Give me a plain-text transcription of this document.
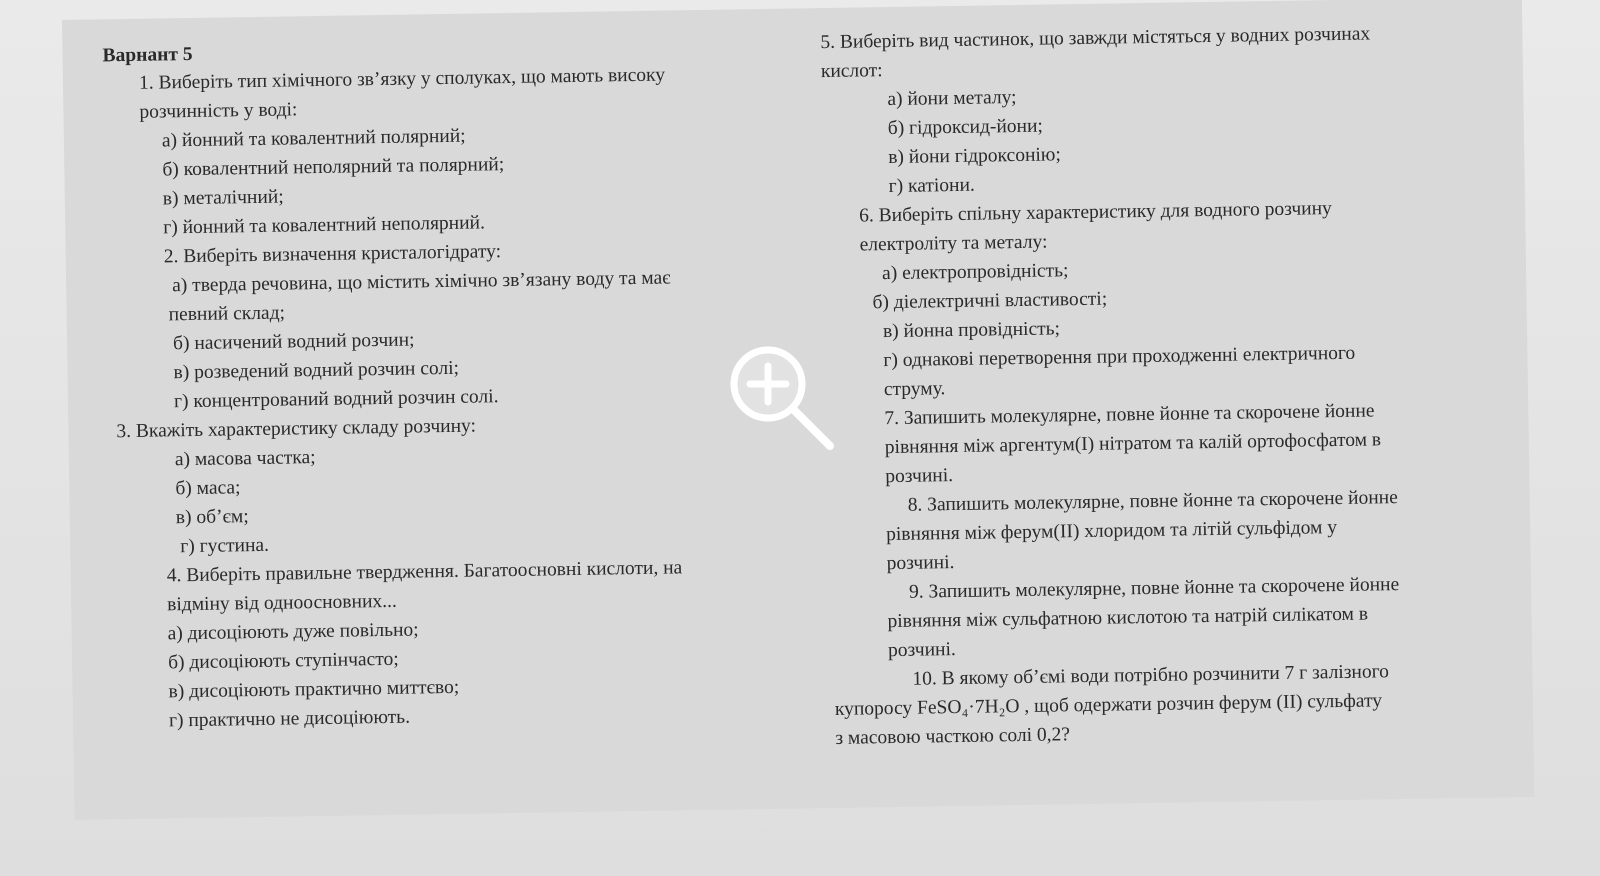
Варнант 5
1. Виберіть тип хімічного зв’язку у сполуках, що мають високу
розчинність у воді:
а) йонний та ковалентний полярний;
б) ковалентний неполярний та полярний;
в) металічний;
г) йонний та ковалентний неполярний.
2. Виберіть визначення кристалогідрату:
а) тверда речовина, що містить хімічно зв’язану воду та має
певний склад;
б) насичений водний розчин;
в) розведений водний розчин солі;
г) концентрований водний розчин солі.
3. Вкажіть характеристику складу розчину:
а) масова частка;
б) маса;
в) об’єм;
г) густина.
4. Виберіть правильне твердження. Багатоосновні кислоти, на
відміну від одноосновних...
а) дисоціюють дуже повільно;
б) дисоціюють ступінчасто;
в) дисоціюють практично миттєво;
г) практично не дисоціюють.
5. Виберіть вид частинок, що завжди містяться у водних розчинах
кислот:
а) йони металу;
б) гідроксид-йони;
в) йони гідроксонію;
г) катіони.
6. Виберіть спільну характеристику для водного розчину
електроліту та металу:
а) електропровідність;
б) діелектричні властивості;
в) йонна провідність;
г) однакові перетворення при проходженні електричного
струму.
7. Запишить молекулярне, повне йонне та скорочене йонне
рівняння між аргентум(І) нітратом та калій ортофосфатом в
розчині.
8. Запишить молекулярне, повне йонне та скорочене йонне
рівняння між ферум(ІІ) хлоридом та літій сульфідом у
розчині.
9. Запишить молекулярне, повне йонне та скорочене йонне
рівняння між сульфатною кислотою та натрій силікатом в
розчині.
10. В якому об’ємі води потрібно розчинити 7 г залізного
купоросу FeSO₄·7H₂O , щоб одержати розчин ферум (ІІ) сульфату
з масовою часткою солі 0,2?
